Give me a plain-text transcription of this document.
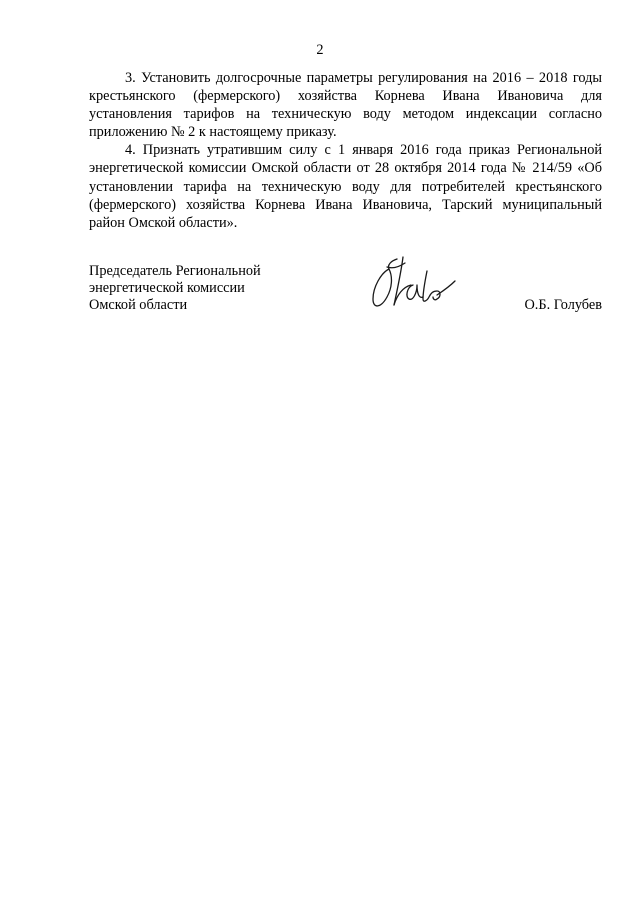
2

3. Установить долгосрочные параметры регулирования на 2016 – 2018 годы крестьянского (фермерского) хозяйства Корнева Ивана Ивановича для установления тарифов на техническую воду методом индексации согласно приложению № 2 к настоящему приказу.

4. Признать утратившим силу с 1 января 2016 года приказ Региональной энергетической комиссии Омской области от 28 октября 2014 года № 214/59 «Об установлении тарифа на техническую воду для потребителей крестьянского (фермерского) хозяйства Корнева Ивана Ивановича, Тарский муниципальный район Омской области».

Председатель Региональной
энергетической комиссии
Омской области	О.Б. Голубев
